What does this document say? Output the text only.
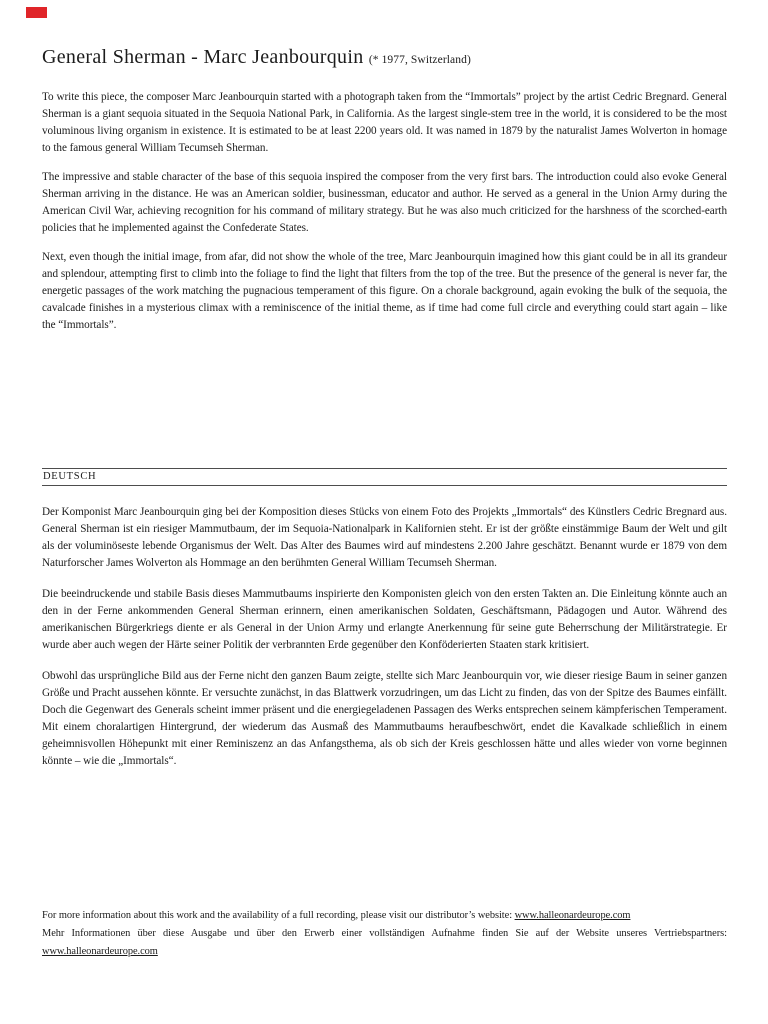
General Sherman - Marc Jeanbourquin (* 1977, Switzerland)

To write this piece, the composer Marc Jeanbourquin started with a photograph taken from the “Immortals” project by the artist Cedric Bregnard. General Sherman is a giant sequoia situated in the Sequoia National Park, in California. As the largest single-stem tree in the world, it is considered to be the most voluminous living organism in existence. It is estimated to be at least 2200 years old. It was named in 1879 by the naturalist James Wolverton in homage to the famous general William Tecumseh Sherman.

The impressive and stable character of the base of this sequoia inspired the composer from the very first bars. The introduction could also evoke General Sherman arriving in the distance. He was an American soldier, businessman, educator and author. He served as a general in the Union Army during the American Civil War, achieving recognition for his command of military strategy. But he was also much criticized for the harshness of the scorched-earth policies that he implemented against the Confederate States.

Next, even though the initial image, from afar, did not show the whole of the tree, Marc Jeanbourquin imagined how this giant could be in all its grandeur and splendour, attempting first to climb into the foliage to find the light that filters from the top of the tree. But the presence of the general is never far, the energetic passages of the work matching the pugnacious temperament of this figure. On a chorale background, again evoking the bulk of the sequoia, the cavalcade finishes in a mysterious climax with a reminiscence of the initial theme, as if time had come full circle and everything could start again – like the “Immortals”.

DEUTSCH

Der Komponist Marc Jeanbourquin ging bei der Komposition dieses Stücks von einem Foto des Projekts „Immortals“ des Künstlers Cedric Bregnard aus. General Sherman ist ein riesiger Mammutbaum, der im Sequoia-Nationalpark in Kalifornien steht. Er ist der größte einstämmige Baum der Welt und gilt als der voluminöseste lebende Organismus der Welt. Das Alter des Baumes wird auf mindestens 2.200 Jahre geschätzt. Benannt wurde er 1879 von dem Naturforscher James Wolverton als Hommage an den berühmten General William Tecumseh Sherman.

Die beeindruckende und stabile Basis dieses Mammutbaums inspirierte den Komponisten gleich von den ersten Takten an. Die Einleitung könnte auch an den in der Ferne ankommenden General Sherman erinnern, einen amerikanischen Soldaten, Geschäftsmann, Pädagogen und Autor. Während des amerikanischen Bürgerkriegs diente er als General in der Union Army und erlangte Anerkennung für seine gute Beherrschung der Militärstrategie. Er wurde aber auch wegen der Härte seiner Politik der verbrannten Erde gegenüber den Konföderierten Staaten stark kritisiert.

Obwohl das ursprüngliche Bild aus der Ferne nicht den ganzen Baum zeigte, stellte sich Marc Jeanbourquin vor, wie dieser riesige Baum in seiner ganzen Größe und Pracht aussehen könnte. Er versuchte zunächst, in das Blattwerk vorzudringen, um das Licht zu finden, das von der Spitze des Baumes einfällt. Doch die Gegenwart des Generals scheint immer präsent und die energiegeladenen Passagen des Werks entsprechen seinem kämpferischen Temperament. Mit einem choralartigen Hintergrund, der wiederum das Ausmaß des Mammutbaums heraufbeschwört, endet die Kavalkade schließlich in einem geheimnisvollen Höhepunkt mit einer Reminiszenz an das Anfangsthema, als ob sich der Kreis geschlossen hätte und alles wieder von vorne beginnen könnte – wie die „Immortals“.

For more information about this work and the availability of a full recording, please visit our distributor’s website: www.halleonardeurope.com

Mehr Informationen über diese Ausgabe und über den Erwerb einer vollständigen Aufnahme finden Sie auf der Website unseres Vertriebspartners: www.halleonardeurope.com
